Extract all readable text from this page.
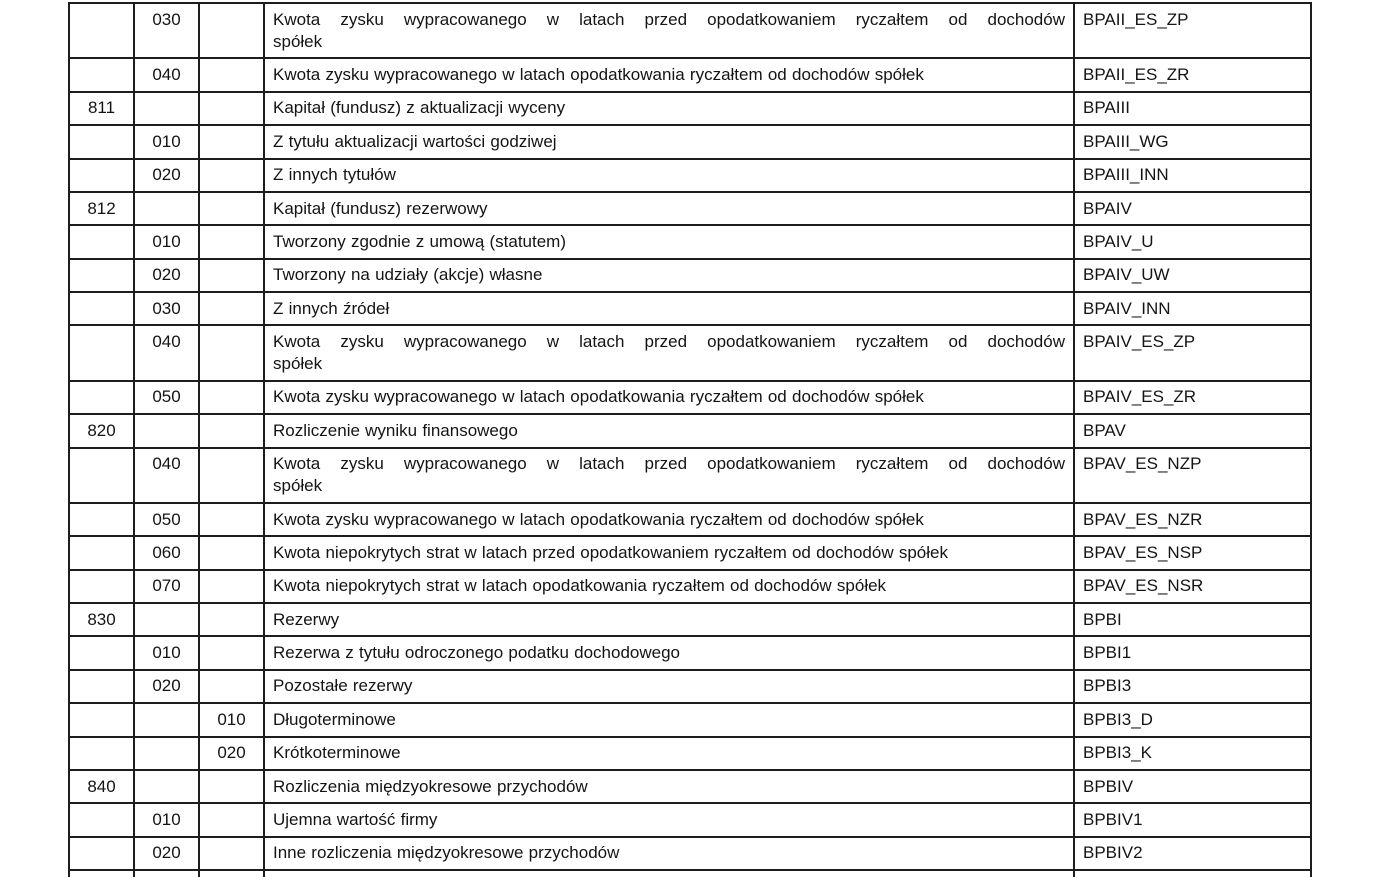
	030		Kwota zysku wypracowanego w latach przed opodatkowaniem ryczałtem od dochodów
spółek	BPAII_ES_ZP
	040		Kwota zysku wypracowanego w latach opodatkowania ryczałtem od dochodów spółek	BPAII_ES_ZR
811			Kapitał (fundusz) z aktualizacji wyceny	BPAIII
	010		Z tytułu aktualizacji wartości godziwej	BPAIII_WG
	020		Z innych tytułów	BPAIII_INN
812			Kapitał (fundusz) rezerwowy	BPAIV
	010		Tworzony zgodnie z umową (statutem)	BPAIV_U
	020		Tworzony na udziały (akcje) własne	BPAIV_UW
	030		Z innych źródeł	BPAIV_INN
	040		Kwota zysku wypracowanego w latach przed opodatkowaniem ryczałtem od dochodów
spółek	BPAIV_ES_ZP
	050		Kwota zysku wypracowanego w latach opodatkowania ryczałtem od dochodów spółek	BPAIV_ES_ZR
820			Rozliczenie wyniku finansowego	BPAV
	040		Kwota zysku wypracowanego w latach przed opodatkowaniem ryczałtem od dochodów
spółek	BPAV_ES_NZP
	050		Kwota zysku wypracowanego w latach opodatkowania ryczałtem od dochodów spółek	BPAV_ES_NZR
	060		Kwota niepokrytych strat w latach przed opodatkowaniem ryczałtem od dochodów spółek	BPAV_ES_NSP
	070		Kwota niepokrytych strat w latach opodatkowania ryczałtem od dochodów spółek	BPAV_ES_NSR
830			Rezerwy	BPBI
	010		Rezerwa z tytułu odroczonego podatku dochodowego	BPBI1
	020		Pozostałe rezerwy	BPBI3
		010	Długoterminowe	BPBI3_D
		020	Krótkoterminowe	BPBI3_K
840			Rozliczenia międzyokresowe przychodów	BPBIV
	010		Ujemna wartość firmy	BPBIV1
	020		Inne rozliczenia międzyokresowe przychodów	BPBIV2
